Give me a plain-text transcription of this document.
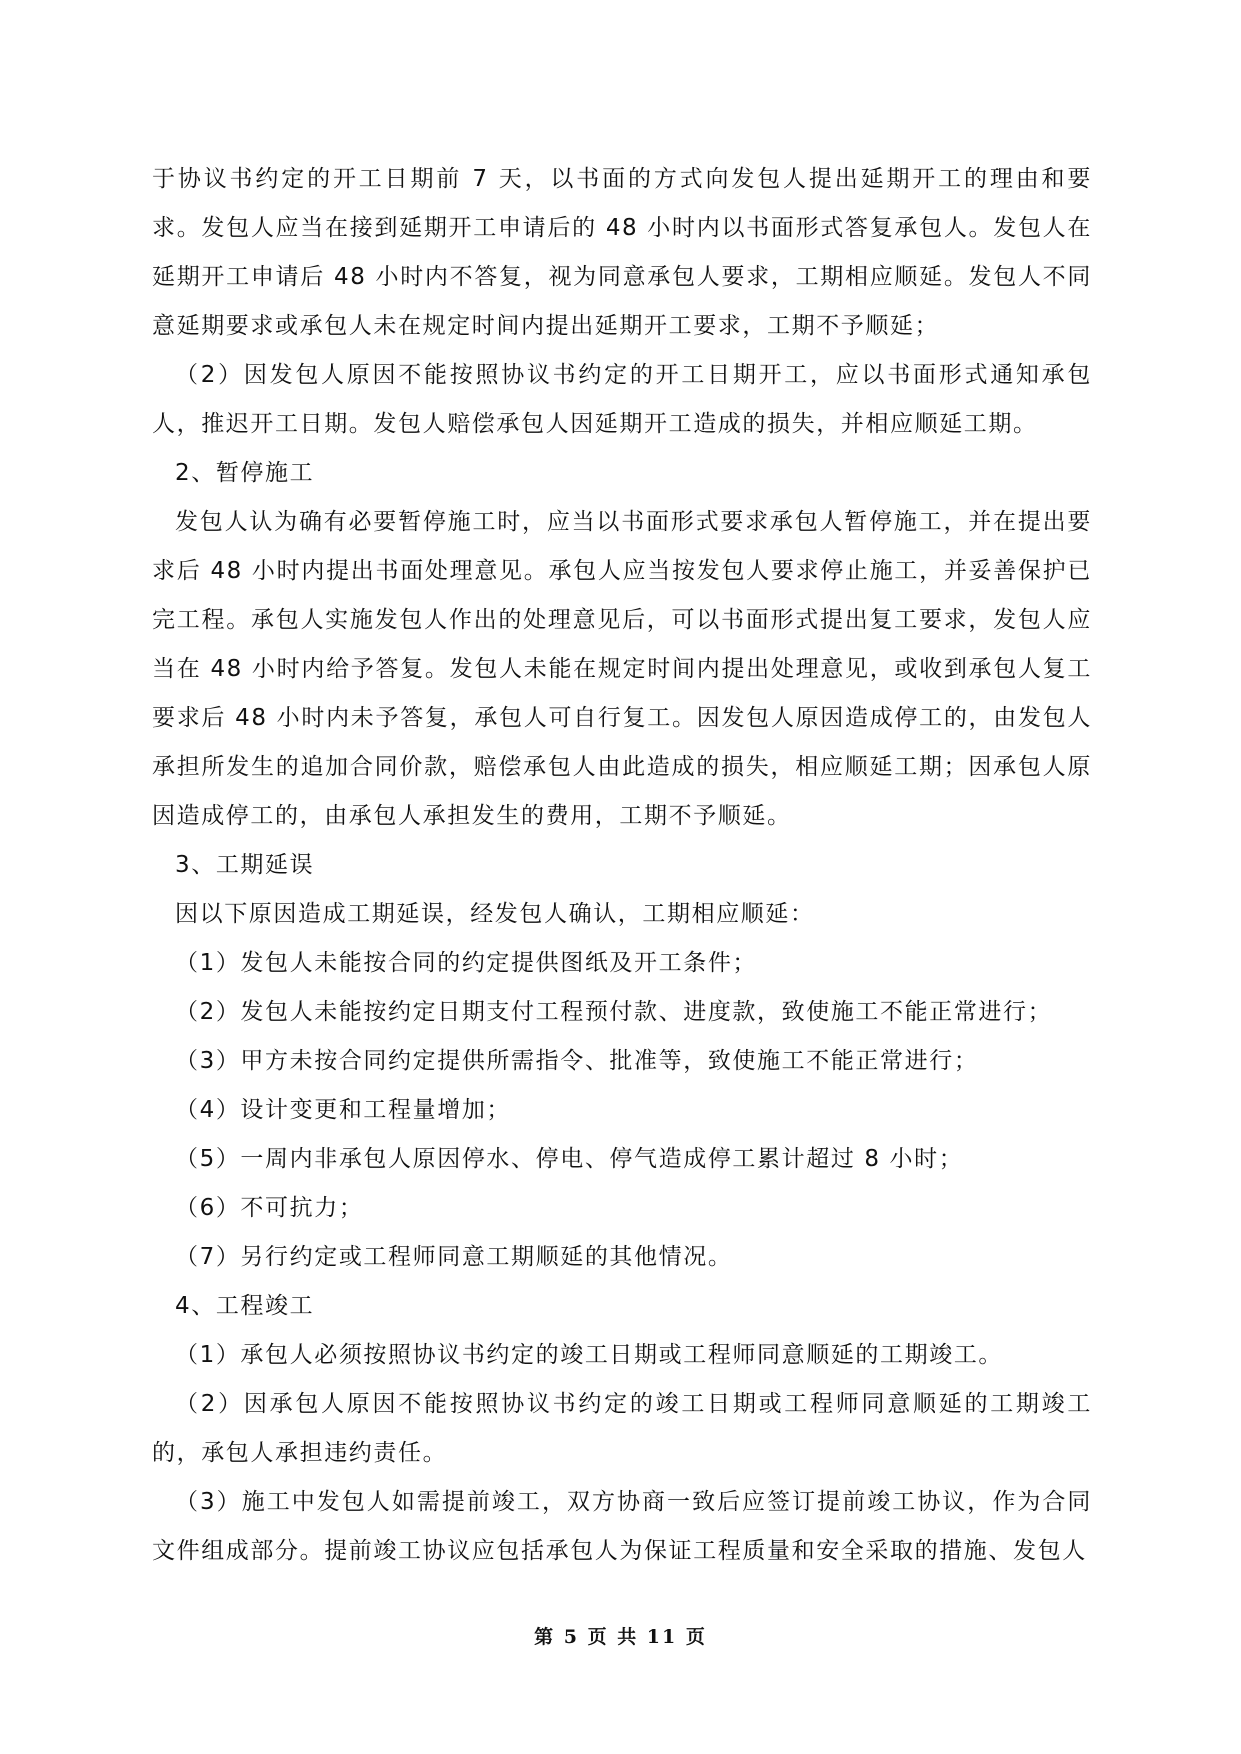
于协议书约定的开工日期前 7 天，以书面的方式向发包人提出延期开工的理由和要求。发包人应当在接到延期开工申请后的 48 小时内以书面形式答复承包人。发包人在延期开工申请后 48 小时内不答复，视为同意承包人要求，工期相应顺延。发包人不同意延期要求或承包人未在规定时间内提出延期开工要求，工期不予顺延；

（2）因发包人原因不能按照协议书约定的开工日期开工，应以书面形式通知承包人，推迟开工日期。发包人赔偿承包人因延期开工造成的损失，并相应顺延工期。

2、暂停施工

发包人认为确有必要暂停施工时，应当以书面形式要求承包人暂停施工，并在提出要求后 48 小时内提出书面处理意见。承包人应当按发包人要求停止施工，并妥善保护已完工程。承包人实施发包人作出的处理意见后，可以书面形式提出复工要求，发包人应当在 48 小时内给予答复。发包人未能在规定时间内提出处理意见，或收到承包人复工要求后 48 小时内未予答复，承包人可自行复工。因发包人原因造成停工的，由发包人承担所发生的追加合同价款，赔偿承包人由此造成的损失，相应顺延工期；因承包人原因造成停工的，由承包人承担发生的费用，工期不予顺延。

3、工期延误

因以下原因造成工期延误，经发包人确认，工期相应顺延：

（1）发包人未能按合同的约定提供图纸及开工条件；

（2）发包人未能按约定日期支付工程预付款、进度款，致使施工不能正常进行；

（3）甲方未按合同约定提供所需指令、批准等，致使施工不能正常进行；

（4）设计变更和工程量增加；

（5）一周内非承包人原因停水、停电、停气造成停工累计超过 8 小时；

（6）不可抗力；

（7）另行约定或工程师同意工期顺延的其他情况。

4、工程竣工

（1）承包人必须按照协议书约定的竣工日期或工程师同意顺延的工期竣工。

（2）因承包人原因不能按照协议书约定的竣工日期或工程师同意顺延的工期竣工的，承包人承担违约责任。

（3）施工中发包人如需提前竣工，双方协商一致后应签订提前竣工协议，作为合同文件组成部分。提前竣工协议应包括承包人为保证工程质量和安全采取的措施、发包人

第 5 页 共 11 页
